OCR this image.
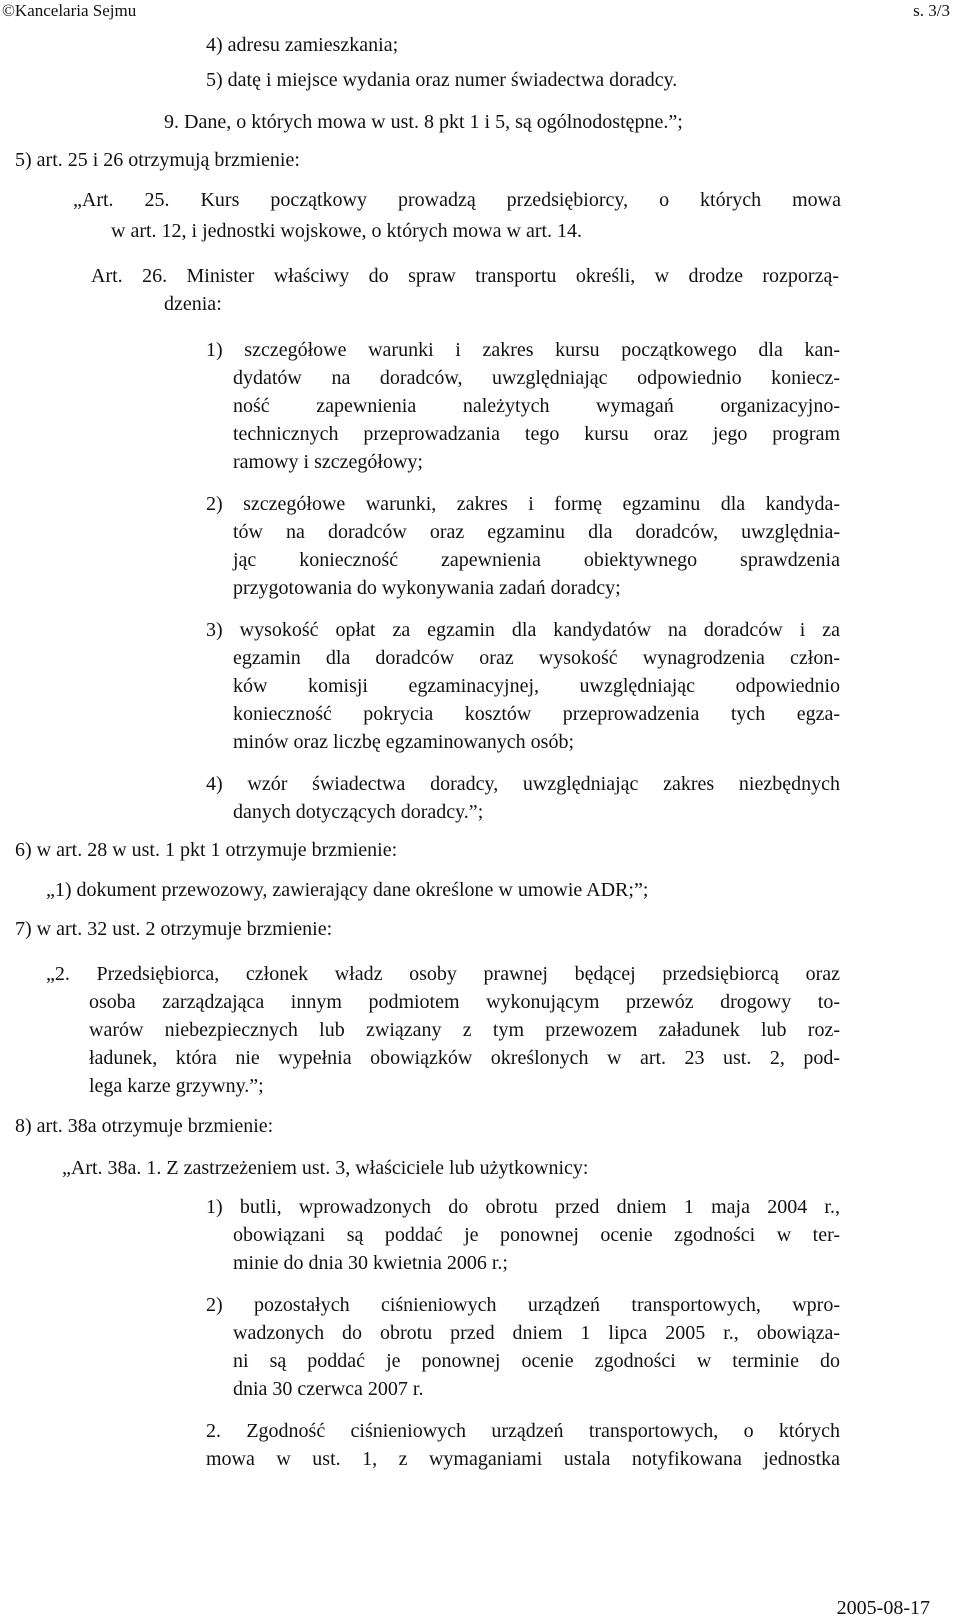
©Kancelaria Sejmu	s. 3/3
4) adresu zamieszkania;
5) datę i miejsce wydania oraz numer świadectwa doradcy.
9. Dane, o których mowa w ust. 8 pkt 1 i 5, są ogólnodostępne.”;
5) art. 25 i 26 otrzymują brzmienie:
„Art. 25. Kurs początkowy prowadzą przedsiębiorcy, o których mowa
w art. 12, i jednostki wojskowe, o których mowa w art. 14.
Art. 26. Minister właściwy do spraw transportu określi, w drodze rozporzą-
dzenia:
1) szczegółowe warunki i zakres kursu początkowego dla kan-
dydatów na doradców, uwzględniając odpowiednio koniecz-
ność zapewnienia należytych wymagań organizacyjno-
technicznych przeprowadzania tego kursu oraz jego program
ramowy i szczegółowy;
2) szczegółowe warunki, zakres i formę egzaminu dla kandyda-
tów na doradców oraz egzaminu dla doradców, uwzględnia-
jąc konieczność zapewnienia obiektywnego sprawdzenia
przygotowania do wykonywania zadań doradcy;
3) wysokość opłat za egzamin dla kandydatów na doradców i za
egzamin dla doradców oraz wysokość wynagrodzenia człon-
ków komisji egzaminacyjnej, uwzględniając odpowiednio
konieczność pokrycia kosztów przeprowadzenia tych egza-
minów oraz liczbę egzaminowanych osób;
4) wzór świadectwa doradcy, uwzględniając zakres niezbędnych
danych dotyczących doradcy.”;
6) w art. 28 w ust. 1 pkt 1 otrzymuje brzmienie:
„1) dokument przewozowy, zawierający dane określone w umowie ADR;”;
7) w art. 32 ust. 2 otrzymuje brzmienie:
„2. Przedsiębiorca, członek władz osoby prawnej będącej przedsiębiorcą oraz
osoba zarządzająca innym podmiotem wykonującym przewóz drogowy to-
warów niebezpiecznych lub związany z tym przewozem załadunek lub roz-
ładunek, która nie wypełnia obowiązków określonych w art. 23 ust. 2, pod-
lega karze grzywny.”;
8) art. 38a otrzymuje brzmienie:
„Art. 38a. 1. Z zastrzeżeniem ust. 3, właściciele lub użytkownicy:
1) butli, wprowadzonych do obrotu przed dniem 1 maja 2004 r.,
obowiązani są poddać je ponownej ocenie zgodności w ter-
minie do dnia 30 kwietnia 2006 r.;
2) pozostałych ciśnieniowych urządzeń transportowych, wpro-
wadzonych do obrotu przed dniem 1 lipca 2005 r., obowiąza-
ni są poddać je ponownej ocenie zgodności w terminie do
dnia 30 czerwca 2007 r.
2. Zgodność ciśnieniowych urządzeń transportowych, o których
mowa w ust. 1, z wymaganiami ustala notyfikowana jednostka
2005-08-17
